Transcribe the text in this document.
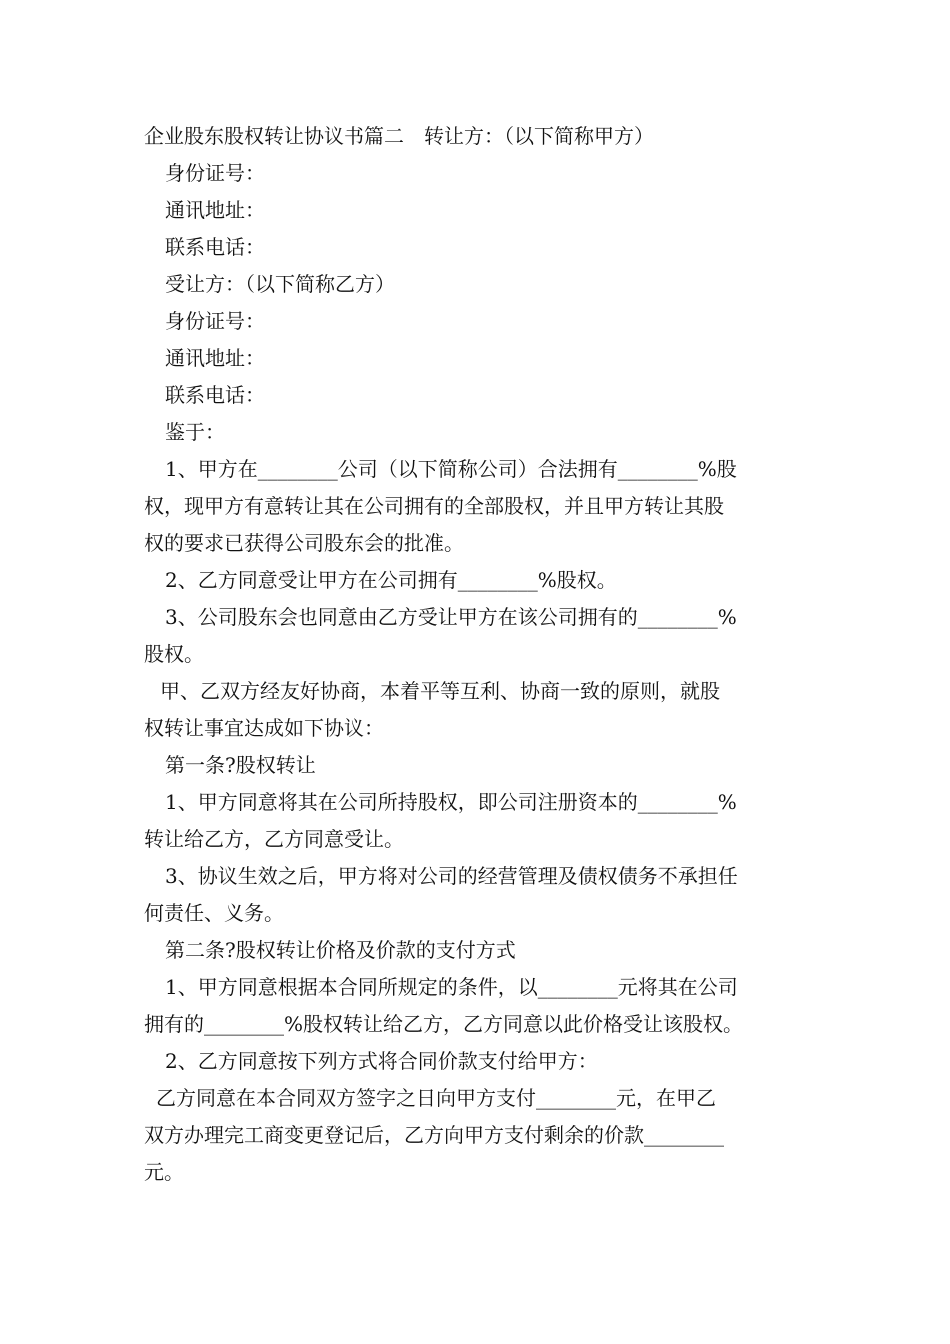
企业股东股权转让协议书篇二　转让方：（以下简称甲方）
身份证号：
通讯地址：
联系电话：
受让方：（以下简称乙方）
身份证号：
通讯地址：
联系电话：
鉴于：
1、甲方在________公司（以下简称公司）合法拥有________%股
权，现甲方有意转让其在公司拥有的全部股权，并且甲方转让其股
权的要求已获得公司股东会的批准。
2、乙方同意受让甲方在公司拥有________%股权。
3、公司股东会也同意由乙方受让甲方在该公司拥有的________%
股权。
甲、乙双方经友好协商，本着平等互利、协商一致的原则，就股
权转让事宜达成如下协议：
第一条?股权转让
1、甲方同意将其在公司所持股权，即公司注册资本的________%
转让给乙方，乙方同意受让。
3、协议生效之后，甲方将对公司的经营管理及债权债务不承担任
何责任、义务。
第二条?股权转让价格及价款的支付方式
1、甲方同意根据本合同所规定的条件，以________元将其在公司
拥有的________%股权转让给乙方，乙方同意以此价格受让该股权。
2、乙方同意按下列方式将合同价款支付给甲方：
乙方同意在本合同双方签字之日向甲方支付________元，在甲乙
双方办理完工商变更登记后，乙方向甲方支付剩余的价款________
元。
